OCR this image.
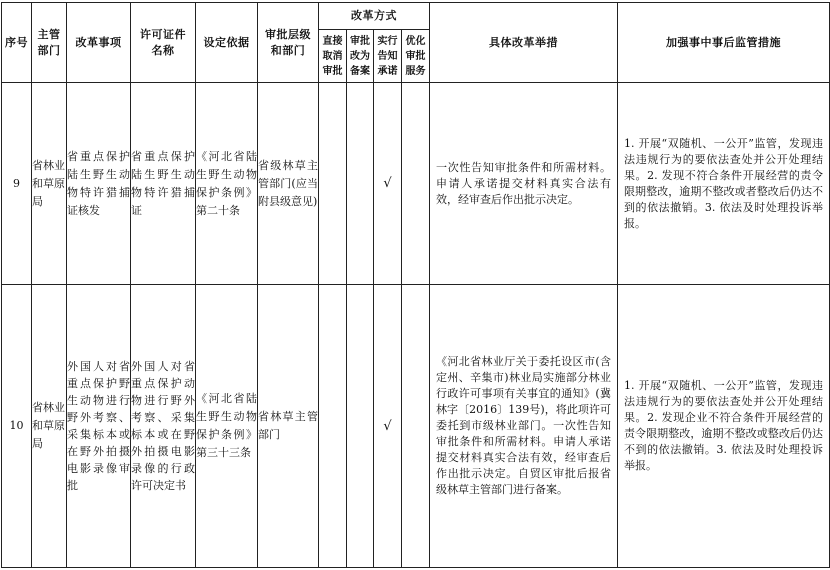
序号	主管部门	改革事项	许可证件名称	设定依据	审批层级和部门	改革方式				具体改革举措	加强事中事后监管措施
						直接取消审批	审批改为备案	实行告知承诺	优化审批服务		
9	省林业和草原局	省重点保护陆生野生动物特许猎捕证核发	省重点保护陆生野生动物特许猎捕证	《河北省陆生野生动物保护条例》第二十条	省级林草主管部门(应当附县级意见)			√		一次性告知审批条件和所需材料。申请人承诺提交材料真实合法有效，经审查后作出批示决定。	1. 开展“双随机、一公开”监管，发现违法违规行为的要依法查处并公开处理结果。2. 发现不符合条件开展经营的责令限期整改，逾期不整改或者整改后仍达不到的依法撤销。3. 依法及时处理投诉举报。
10	省林业和草原局	外国人对省重点保护野生动物进行野外考察、采集标本或在野外拍摄电影录像审批	外国人对省重点保护动物进行野外考察、采集标本或在野外拍摄电影录像的行政许可决定书	《河北省陆生野生动物保护条例》第三十三条	省林草主管部门			√		《河北省林业厅关于委托设区市(含定州、辛集市)林业局实施部分林业行政许可事项有关事宜的通知》(冀林字〔2016〕139号)，将此项许可委托到市级林业部门。一次性告知审批条件和所需材料。申请人承诺提交材料真实合法有效，经审查后作出批示决定。自贸区审批后报省级林草主管部门进行备案。	1. 开展“双随机、一公开”监管，发现违法违规行为的要依法查处并公开处理结果。2. 发现企业不符合条件开展经营的责令限期整改，逾期不整改或整改后仍达不到的依法撤销。3. 依法及时处理投诉举报。
